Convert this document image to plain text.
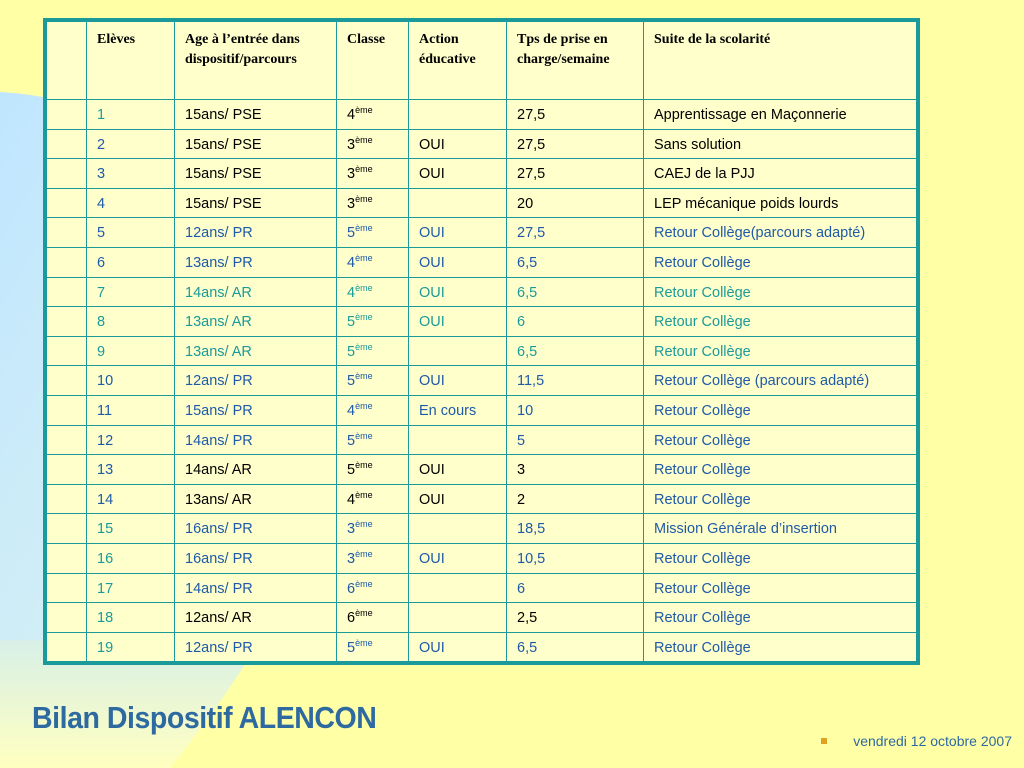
	Elèves	Age à l’entrée dans dispositif/parcours	Classe	Action éducative	Tps de prise en charge/semaine	Suite de la scolarité
	1	15ans/ PSE	4ème		27,5	Apprentissage en Maçonnerie
	2	15ans/ PSE	3ème	OUI	27,5	Sans solution
	3	15ans/ PSE	3ème	OUI	27,5	CAEJ de la PJJ
	4	15ans/ PSE	3ème		20	LEP mécanique poids lourds
	5	12ans/ PR	5ème	OUI	27,5	Retour Collège(parcours adapté)
	6	13ans/ PR	4ème	OUI	6,5	Retour Collège
	7	14ans/ AR	4ème	OUI	6,5	Retour Collège
	8	13ans/ AR	5ème	OUI	6	Retour Collège
	9	13ans/ AR	5ème		6,5	Retour Collège
	10	12ans/ PR	5ème	OUI	11,5	Retour Collège (parcours adapté)
	11	15ans/ PR	4ème	En cours	10	Retour Collège
	12	14ans/ PR	5ème		5	Retour Collège
	13	14ans/ AR	5ème	OUI	3	Retour Collège
	14	13ans/ AR	4ème	OUI	2	Retour Collège
	15	16ans/ PR	3ème		18,5	Mission Générale d’insertion
	16	16ans/ PR	3ème	OUI	10,5	Retour Collège
	17	14ans/ PR	6ème		6	Retour Collège
	18	12ans/ AR	6ème		2,5	Retour Collège
	19	12ans/ PR	5ème	OUI	6,5	Retour Collège
Bilan Dispositif ALENCON
vendredi 12 octobre 2007
